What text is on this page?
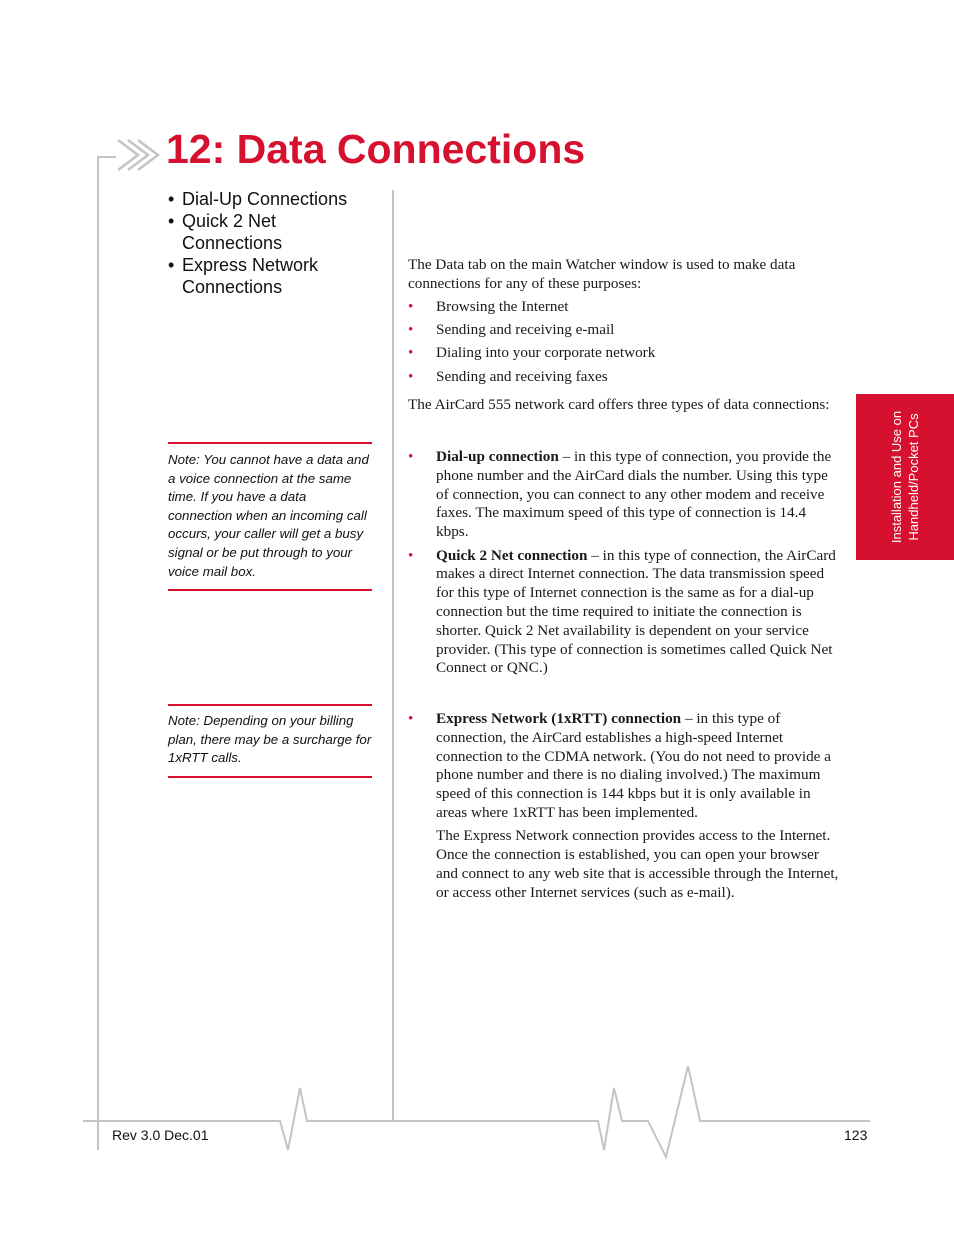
12: Data Connections
• Dial-Up Connections
• Quick 2 Net Connections
• Express Network Connections
Note: You cannot have a data and a voice connection at the same time. If you have a data connection when an incoming call occurs, your caller will get a busy signal or be put through to your voice mail box.
Note: Depending on your billing plan, there may be a surcharge for 1xRTT calls.
Installation and Use on Handheld/Pocket PCs

The Data tab on the main Watcher window is used to make data connections for any of these purposes:

• Browsing the Internet
• Sending and receiving e-mail
• Dialing into your corporate network
• Sending and receiving faxes

The AirCard 555 network card offers three types of data connections:

• Dial-up connection – in this type of connection, you provide the phone number and the AirCard dials the number. Using this type of connection, you can connect to any other modem and receive faxes. The maximum speed of this type of connection is 14.4 kbps.
• Quick 2 Net connection – in this type of connection, the AirCard makes a direct Internet connection. The data transmission speed for this type of Internet connection is the same as for a dial-up connection but the time required to initiate the connection is shorter. Quick 2 Net availability is dependent on your service provider. (This type of connection is sometimes called Quick Net Connect or QNC.)
• Express Network (1xRTT) connection – in this type of connection, the AirCard establishes a high-speed Internet connection to the CDMA network. (You do not need to provide a phone number and there is no dialing involved.) The maximum speed of this connection is 144 kbps but it is only available in areas where 1xRTT has been implemented.

The Express Network connection provides access to the Internet. Once the connection is established, you can open your browser and connect to any web site that is accessible through the Internet, or access other Internet services (such as e-mail).

Rev 3.0 Dec.01	123
